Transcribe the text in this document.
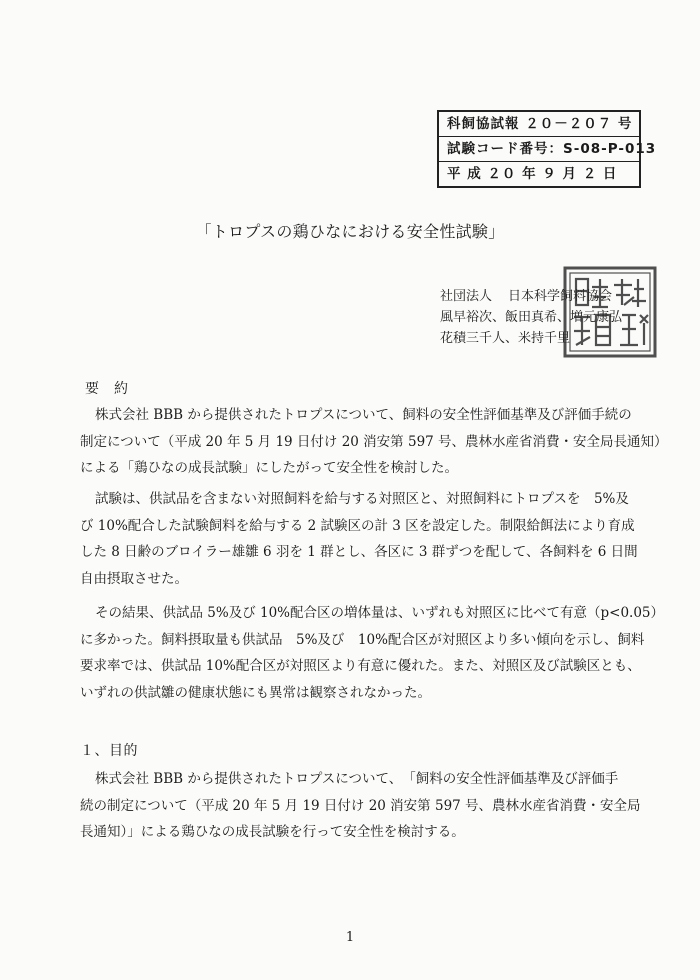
科飼協試報 ２０－２０７ 号
試験コード番号：S-08-P-013
平 成 ２０ 年 ９ 月 ２ 日
「トロプスの鶏ひなにおける安全性試験」
社団法人 日本科学飼料協会
風早裕次、飯田真希、増元康弘
花積三千人、米持千里
要　約
株式会社 BBB から提供されたトロプスについて、飼料の安全性評価基準及び評価手続の
制定について（平成 20 年 5 月 19 日付け 20 消安第 597 号、農林水産省消費・安全局長通知）
による「鶏ひなの成長試験」にしたがって安全性を検討した。
試験は、供試品を含まない対照飼料を給与する対照区と、対照飼料にトロプスを　5%及
び 10%配合した試験飼料を給与する 2 試験区の計 3 区を設定した。制限給餌法により育成
した 8 日齢のブロイラー雄雛 6 羽を 1 群とし、各区に 3 群ずつを配して、各飼料を 6 日間
自由摂取させた。
その結果、供試品 5%及び 10%配合区の増体量は、いずれも対照区に比べて有意（p<0.05）
に多かった。飼料摂取量も供試品　5%及び　10%配合区が対照区より多い傾向を示し、飼料
要求率では、供試品 10%配合区が対照区より有意に優れた。また、対照区及び試験区とも、
いずれの供試雛の健康状態にも異常は観察されなかった。
１、目的
株式会社 BBB から提供されたトロプスについて、　「飼料の安全性評価基準及び評価手
続の制定について（平成 20 年 5 月 19 日付け 20 消安第 597 号、農林水産省消費・安全局
長通知）」による鶏ひなの成長試験を行って安全性を検討する。
1
